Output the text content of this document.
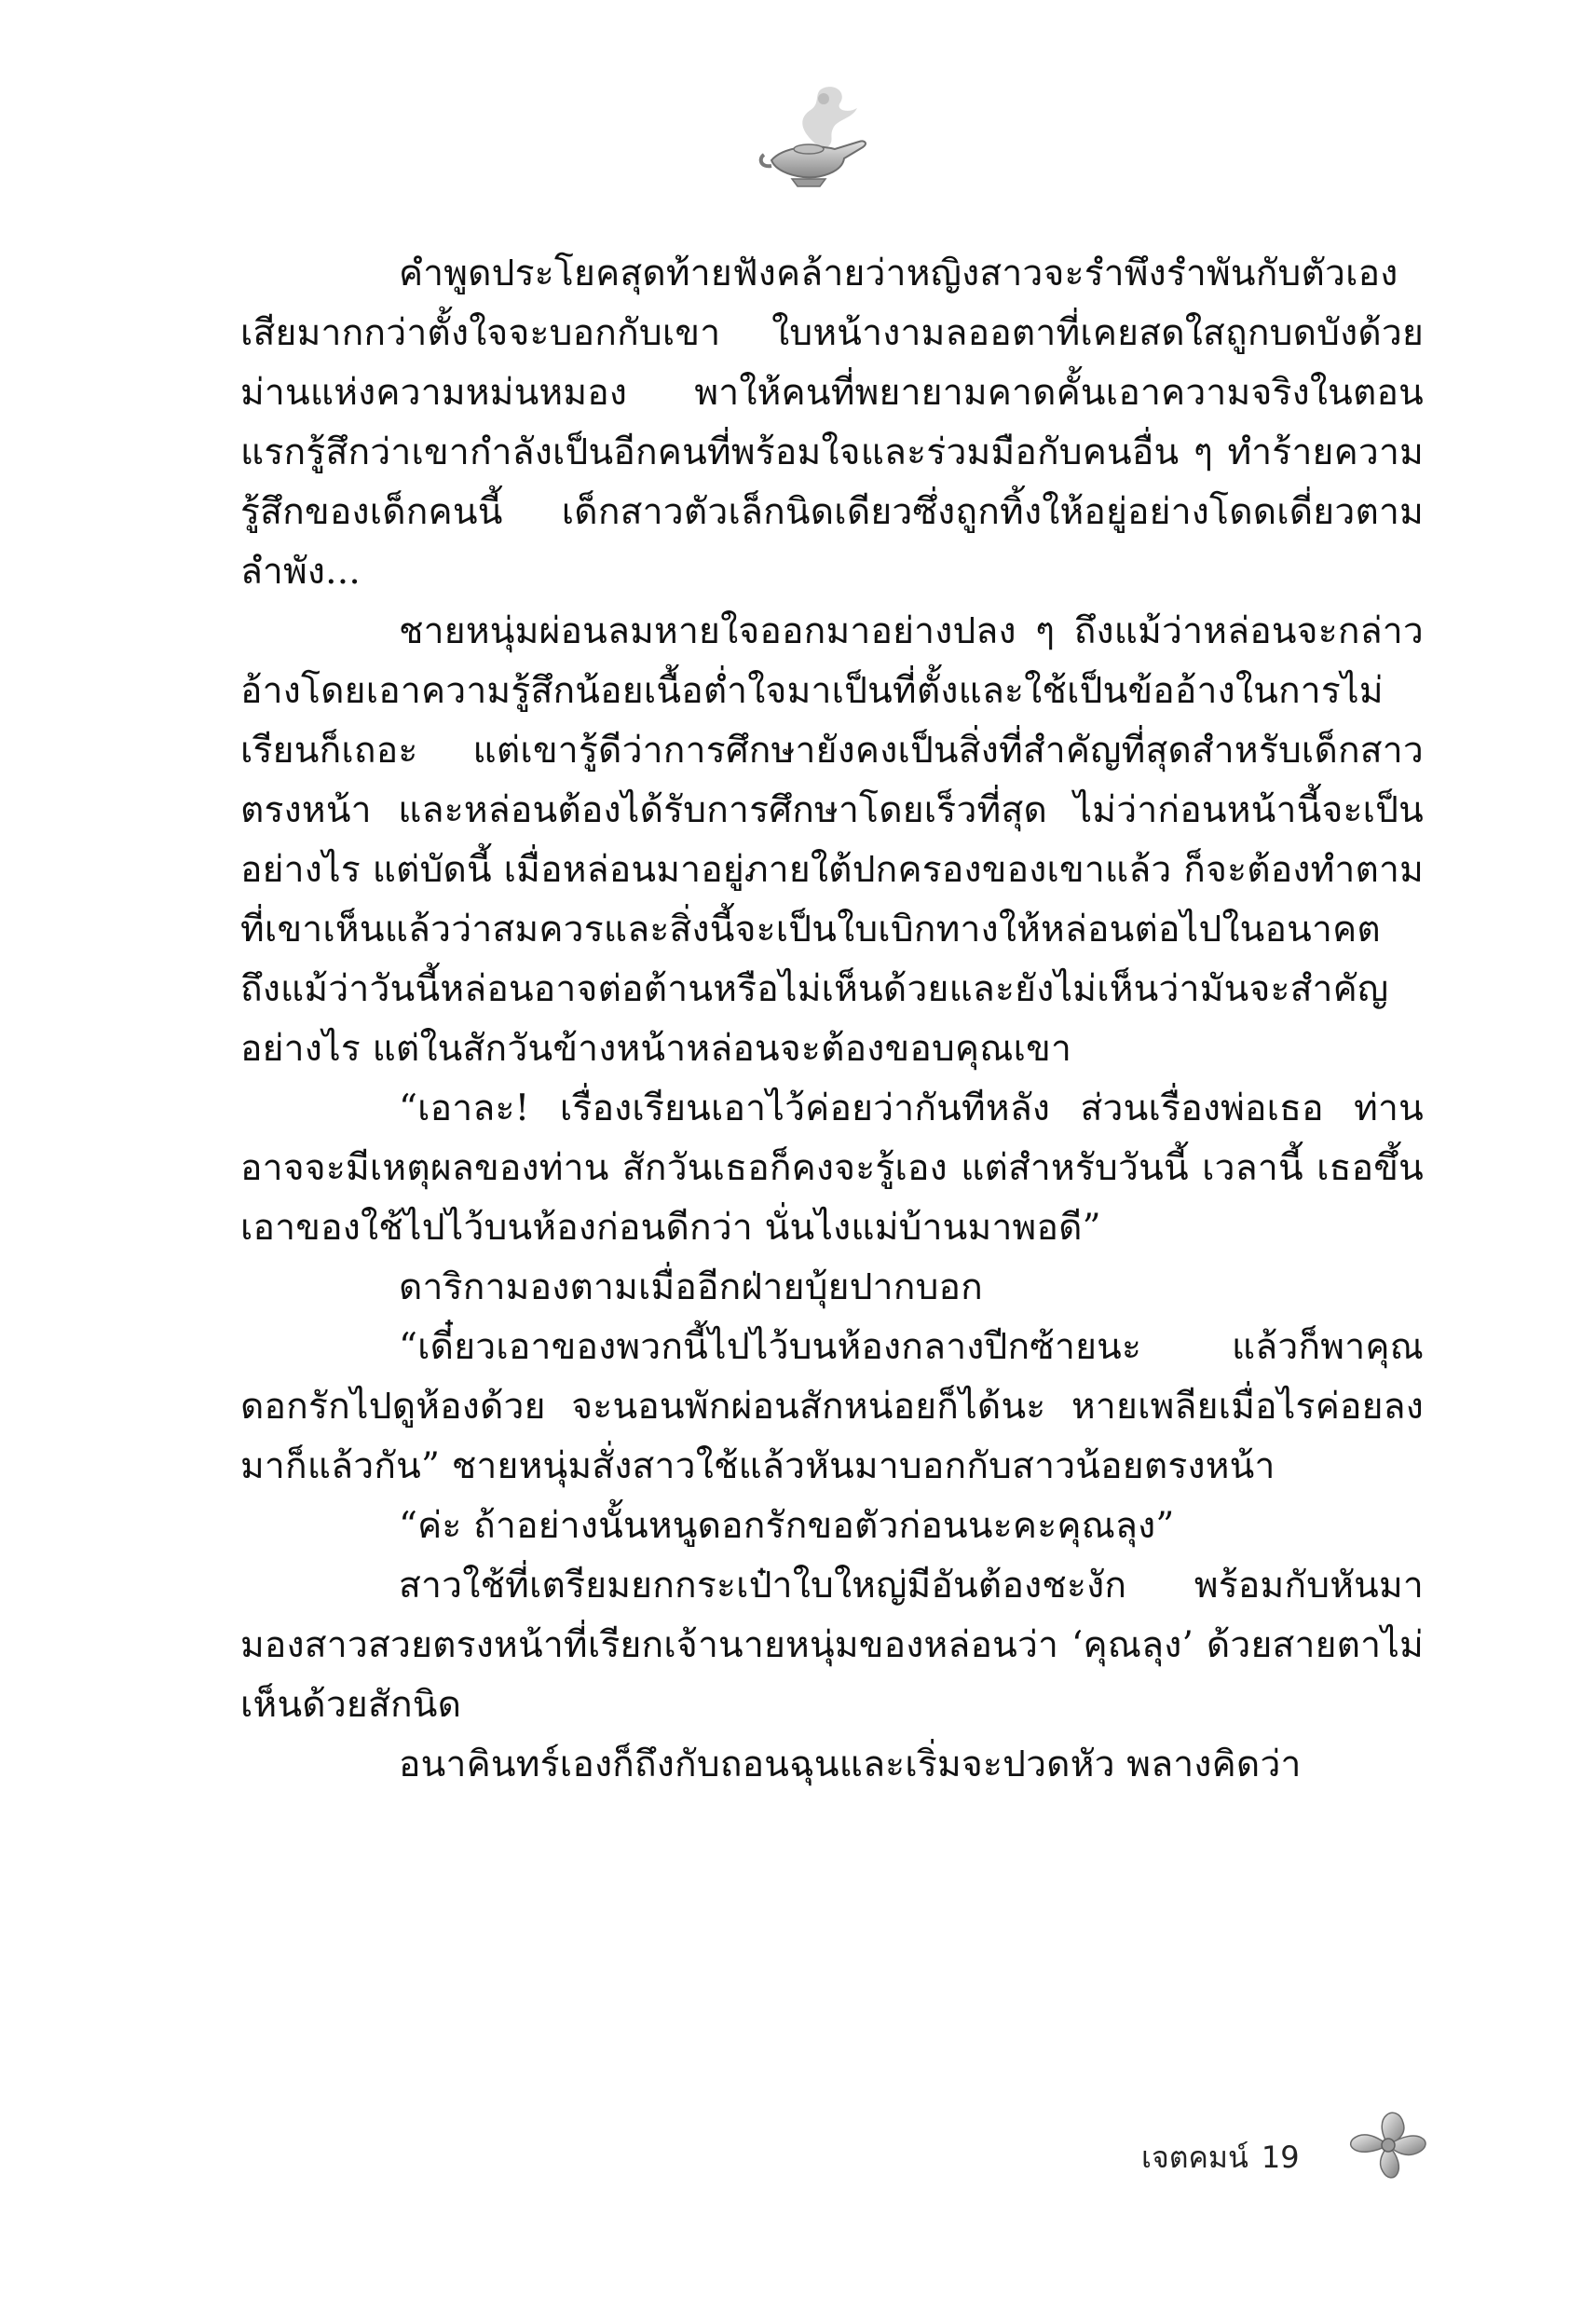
คำพูดประโยคสุดท้ายฟังคล้ายว่าหญิงสาวจะรำพึงรำพันกับตัวเองเสียมากกว่าตั้งใจจะบอกกับเขา ใบหน้างามลออตาที่เคยสดใสถูกบดบังด้วยม่านแห่งความหม่นหมอง พาให้คนที่พยายามคาดคั้นเอาความจริงในตอนแรกรู้สึกว่าเขากำลังเป็นอีกคนที่พร้อมใจและร่วมมือกับคนอื่น ๆ ทำร้ายความรู้สึกของเด็กคนนี้ เด็กสาวตัวเล็กนิดเดียวซึ่งถูกทิ้งให้อยู่อย่างโดดเดี่ยวตามลำพัง...

ชายหนุ่มผ่อนลมหายใจออกมาอย่างปลง ๆ ถึงแม้ว่าหล่อนจะกล่าวอ้างโดยเอาความรู้สึกน้อยเนื้อต่ำใจมาเป็นที่ตั้งและใช้เป็นข้ออ้างในการไม่เรียนก็เถอะ แต่เขารู้ดีว่าการศึกษายังคงเป็นสิ่งที่สำคัญที่สุดสำหรับเด็กสาวตรงหน้า และหล่อนต้องได้รับการศึกษาโดยเร็วที่สุด ไม่ว่าก่อนหน้านี้จะเป็นอย่างไร แต่บัดนี้ เมื่อหล่อนมาอยู่ภายใต้ปกครองของเขาแล้ว ก็จะต้องทำตามที่เขาเห็นแล้วว่าสมควรและสิ่งนี้จะเป็นใบเบิกทางให้หล่อนต่อไปในอนาคต ถึงแม้ว่าวันนี้หล่อนอาจต่อต้านหรือไม่เห็นด้วยและยังไม่เห็นว่ามันจะสำคัญอย่างไร แต่ในสักวันข้างหน้าหล่อนจะต้องขอบคุณเขา

“เอาละ! เรื่องเรียนเอาไว้ค่อยว่ากันทีหลัง ส่วนเรื่องพ่อเธอ ท่านอาจจะมีเหตุผลของท่าน สักวันเธอก็คงจะรู้เอง แต่สำหรับวันนี้ เวลานี้ เธอขึ้นเอาของใช้ไปไว้บนห้องก่อนดีกว่า นั่นไงแม่บ้านมาพอดี”

ดาริกามองตามเมื่ออีกฝ่ายบุ้ยปากบอก

“เดี๋ยวเอาของพวกนี้ไปไว้บนห้องกลางปีกซ้ายนะ แล้วก็พาคุณดอกรักไปดูห้องด้วย จะนอนพักผ่อนสักหน่อยก็ได้นะ หายเพลียเมื่อไรค่อยลงมาก็แล้วกัน” ชายหนุ่มสั่งสาวใช้แล้วหันมาบอกกับสาวน้อยตรงหน้า

“ค่ะ ถ้าอย่างนั้นหนูดอกรักขอตัวก่อนนะคะคุณลุง”

สาวใช้ที่เตรียมยกกระเป๋าใบใหญ่มีอันต้องชะงัก พร้อมกับหันมามองสาวสวยตรงหน้าที่เรียกเจ้านายหนุ่มของหล่อนว่า ‘คุณลุง’ ด้วยสายตาไม่เห็นด้วยสักนิด

อนาคินทร์เองก็ถึงกับถอนฉุนและเริ่มจะปวดหัว พลางคิดว่า

เจตคมน์ 19
